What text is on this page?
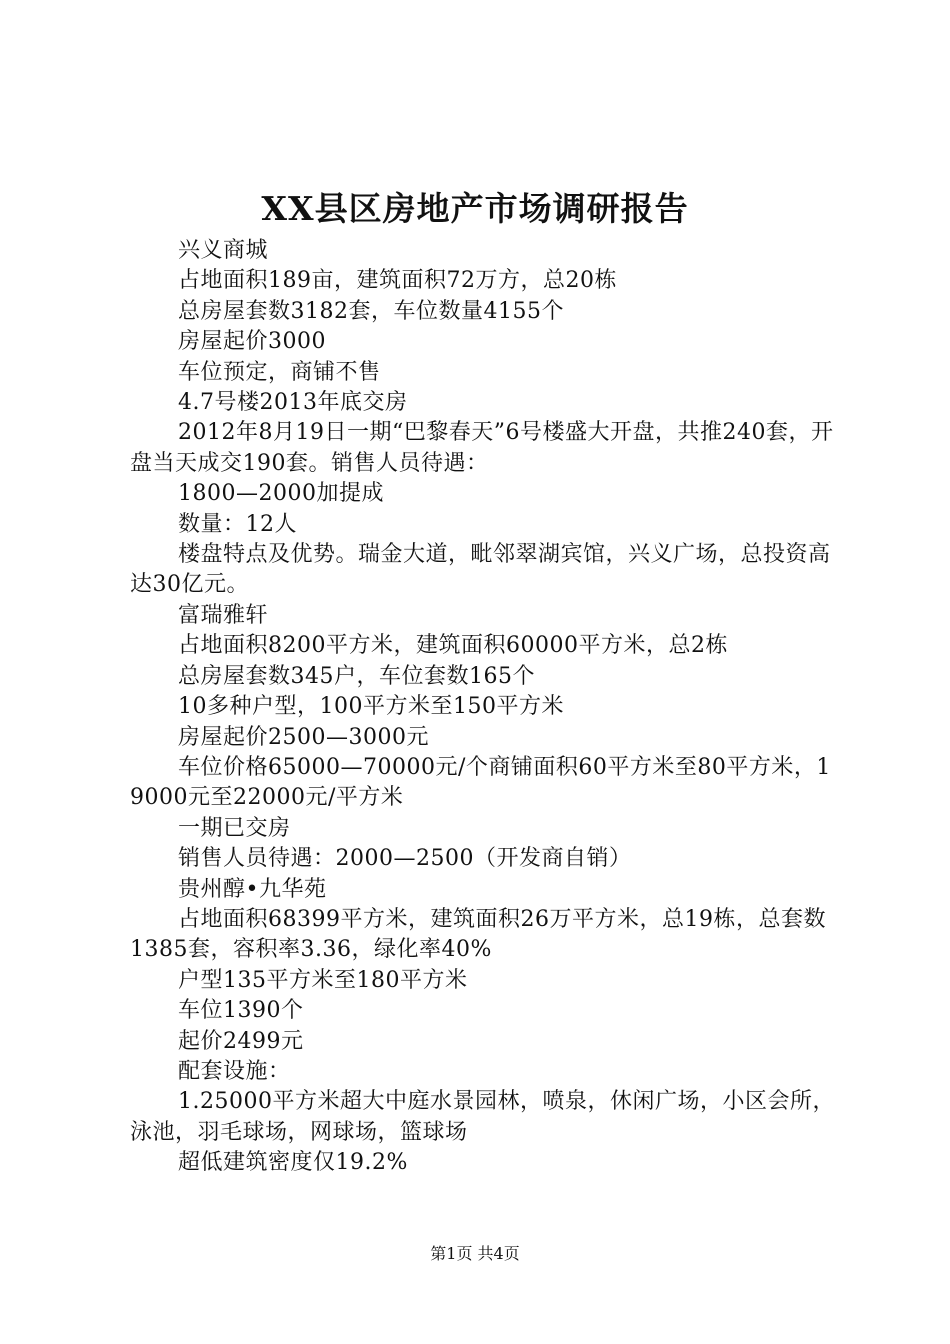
XX县区房地产市场调研报告

兴义商城

占地面积189亩，建筑面积72万方，总20栋

总房屋套数3182套，车位数量4155个

房屋起价3000

车位预定，商铺不售

4.7号楼2013年底交房

2012年8月19日一期“巴黎春天”6号楼盛大开盘，共推240套，开盘当天成交190套。销售人员待遇：

1800—2000加提成

数量：12人

楼盘特点及优势。瑞金大道，毗邻翠湖宾馆，兴义广场，总投资高达30亿元。

富瑞雅轩

占地面积8200平方米，建筑面积60000平方米，总2栋

总房屋套数345户，车位套数165个

10多种户型，100平方米至150平方米

房屋起价2500—3000元

车位价格65000—70000元/个商铺面积60平方米至80平方米，19000元至22000元/平方米

一期已交房

销售人员待遇：2000—2500（开发商自销）

贵州醇•九华苑

占地面积68399平方米，建筑面积26万平方米，总19栋，总套数1385套，容积率3.36，绿化率40%

户型135平方米至180平方米

车位1390个

起价2499元

配套设施：

1.25000平方米超大中庭水景园林，喷泉，休闲广场，小区会所，泳池，羽毛球场，网球场，篮球场

超低建筑密度仅19.2%

第1页 共4页
